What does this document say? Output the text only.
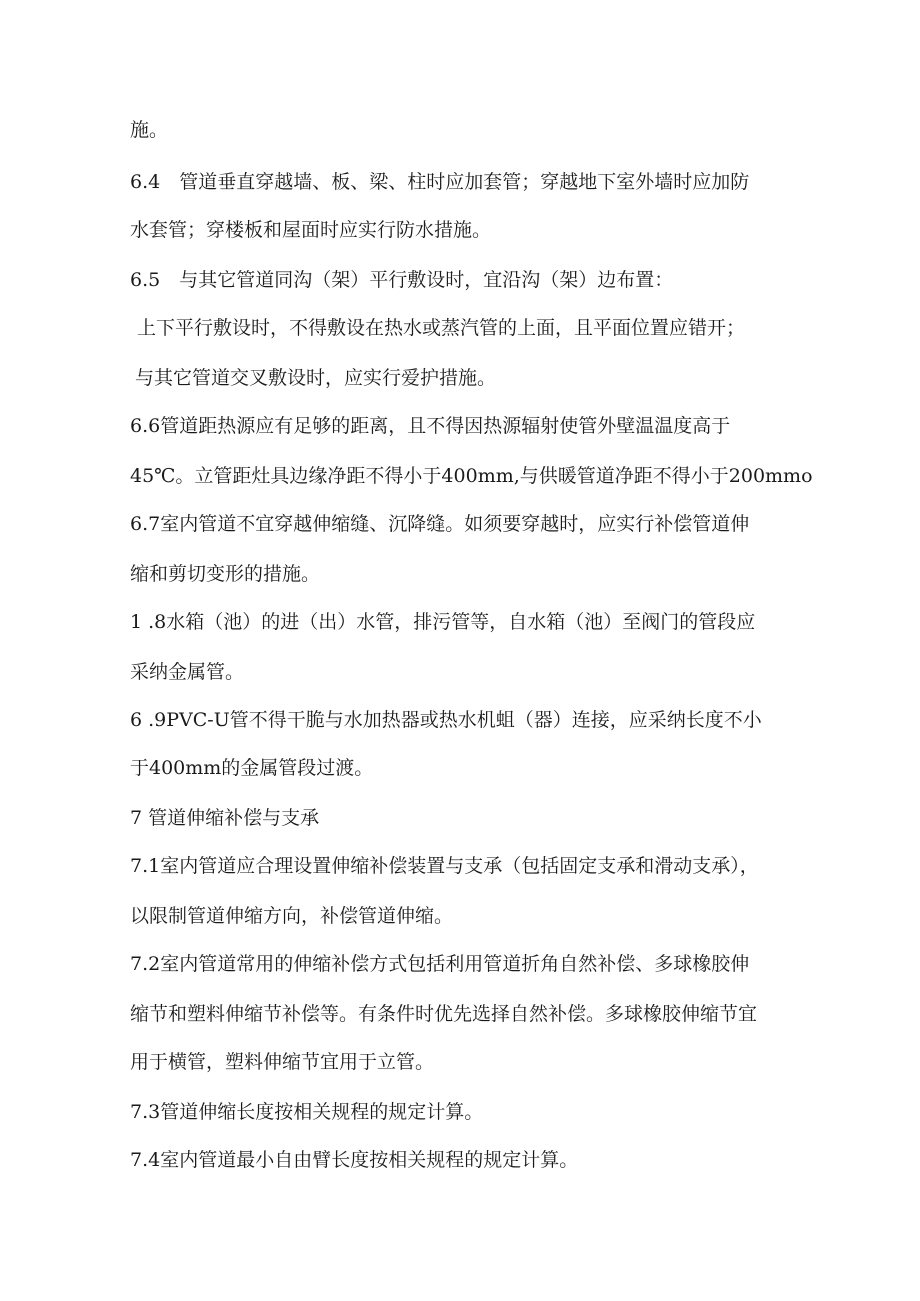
施。

6.4　管道垂直穿越墙、板、梁、柱时应加套管；穿越地下室外墙时应加防

水套管；穿楼板和屋面时应实行防水措施。

6.5　与其它管道同沟（架）平行敷设时，宜沿沟（架）边布置：

上下平行敷设时，不得敷设在热水或蒸汽管的上面，且平面位置应错开；

与其它管道交叉敷设时，应实行爱护措施。

6.6管道距热源应有足够的距离，且不得因热源辐射使管外壁温温度高于

45℃。立管距灶具边缘净距不得小于400mm,与供暖管道净距不得小于200mmo

6.7室内管道不宜穿越伸缩缝、沉降缝。如须要穿越时，应实行补偿管道伸

缩和剪切变形的措施。

1 .8水箱（池）的进（出）水管，排污管等，自水箱（池）至阀门的管段应

采纳金属管。

6 .9PVC-U管不得干脆与水加热器或热水机蛆（器）连接，应采纳长度不小

于400mm的金属管段过渡。

7 管道伸缩补偿与支承

7.1室内管道应合理设置伸缩补偿装置与支承（包括固定支承和滑动支承），

以限制管道伸缩方向，补偿管道伸缩。

7.2室内管道常用的伸缩补偿方式包括利用管道折角自然补偿、多球橡胶伸

缩节和塑料伸缩节补偿等。有条件时优先选择自然补偿。多球橡胶伸缩节宜

用于横管，塑料伸缩节宜用于立管。

7.3管道伸缩长度按相关规程的规定计算。

7.4室内管道最小自由臂长度按相关规程的规定计算。
